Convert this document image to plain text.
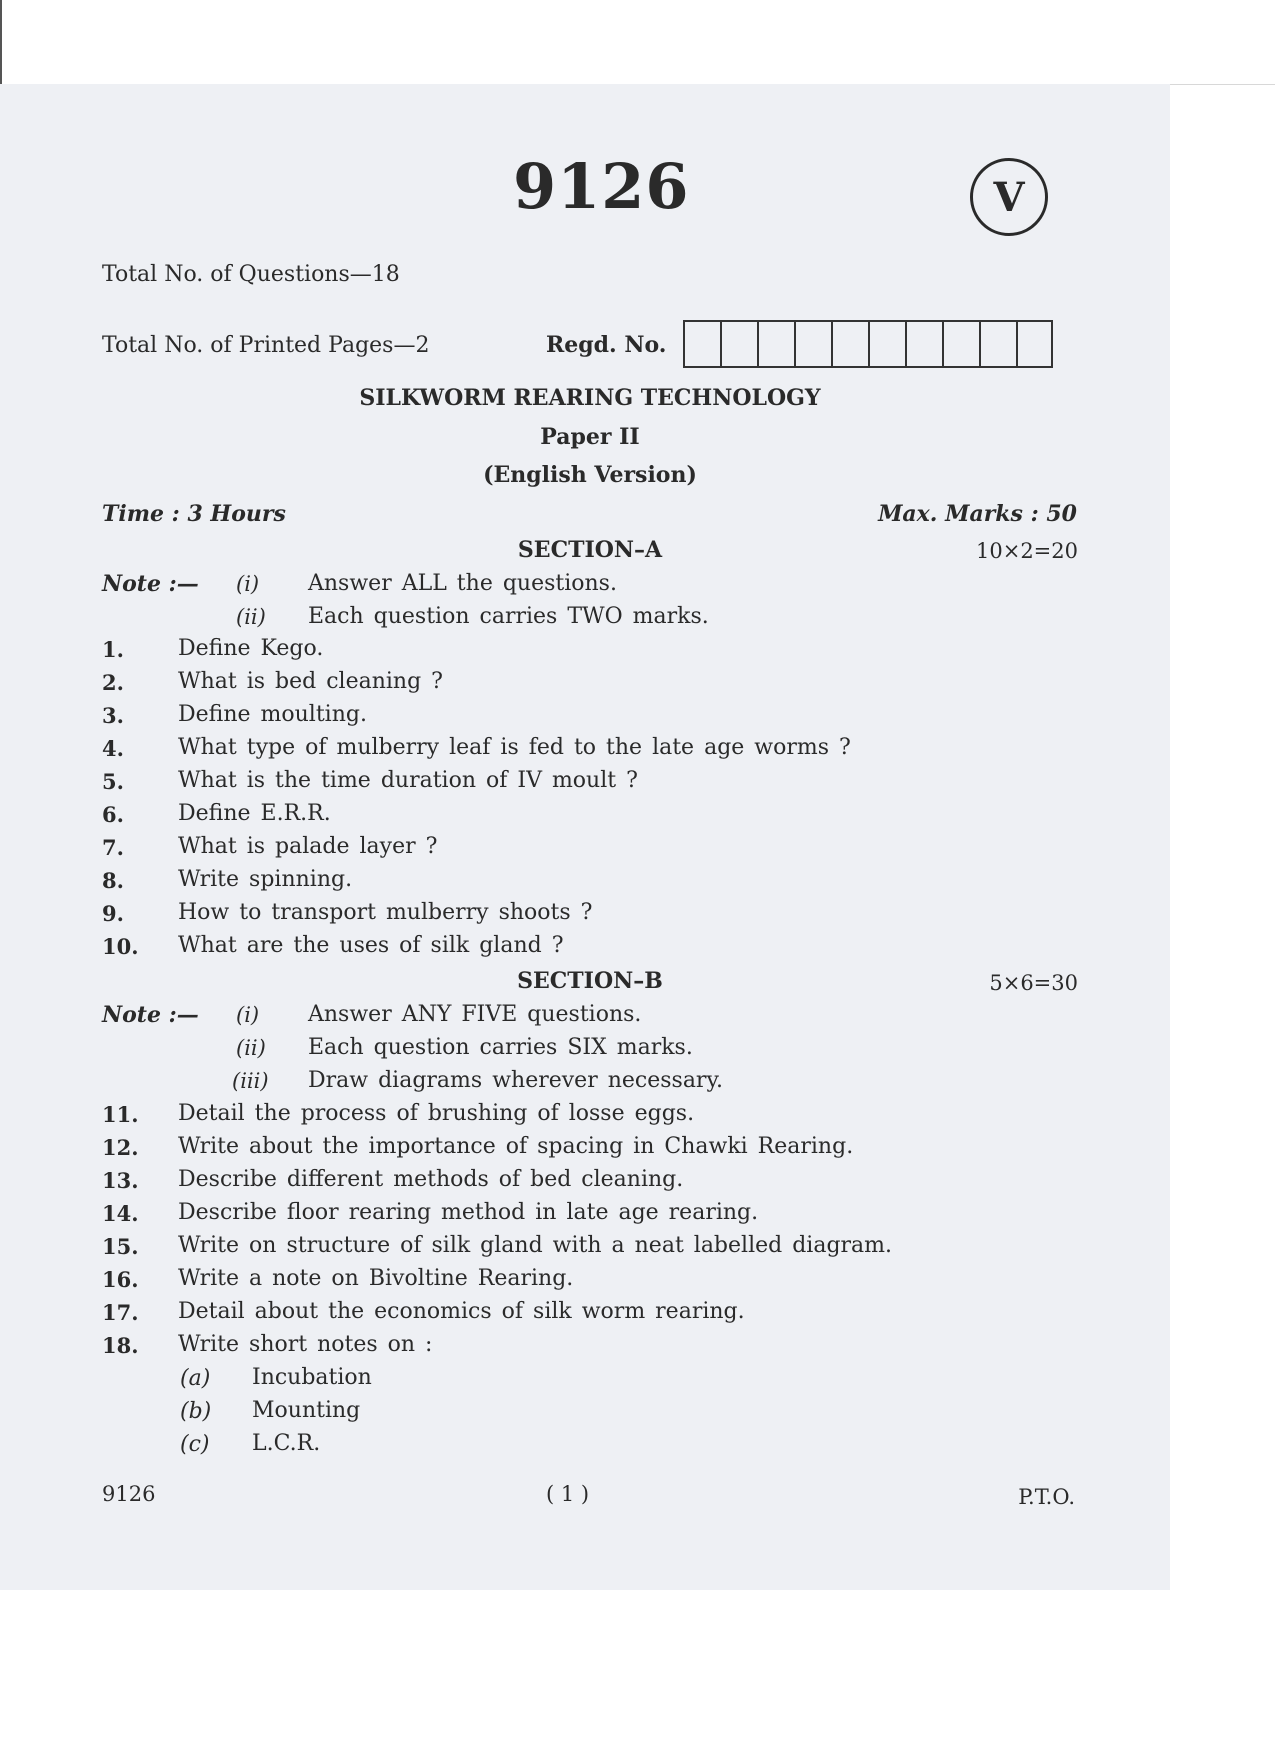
9126	V
Total No. of Questions—18
Total No. of Printed Pages—2	Regd. No.
SILKWORM REARING TECHNOLOGY
Paper II
(English Version)
Time : 3 Hours	Max. Marks : 50
SECTION–A	10×2=20
Note :— (i) Answer ALL the questions.
(ii) Each question carries TWO marks.
1. Define Kego.
2. What is bed cleaning ?
3. Define moulting.
4. What type of mulberry leaf is fed to the late age worms ?
5. What is the time duration of IV moult ?
6. Define E.R.R.
7. What is palade layer ?
8. Write spinning.
9. How to transport mulberry shoots ?
10. What are the uses of silk gland ?
SECTION–B	5×6=30
Note :— (i) Answer ANY FIVE questions.
(ii) Each question carries SIX marks.
(iii) Draw diagrams wherever necessary.
11. Detail the process of brushing of losse eggs.
12. Write about the importance of spacing in Chawki Rearing.
13. Describe different methods of bed cleaning.
14. Describe floor rearing method in late age rearing.
15. Write on structure of silk gland with a neat labelled diagram.
16. Write a note on Bivoltine Rearing.
17. Detail about the economics of silk worm rearing.
18. Write short notes on :
(a) Incubation
(b) Mounting
(c) L.C.R.
9126	( 1 )	P.T.O.
